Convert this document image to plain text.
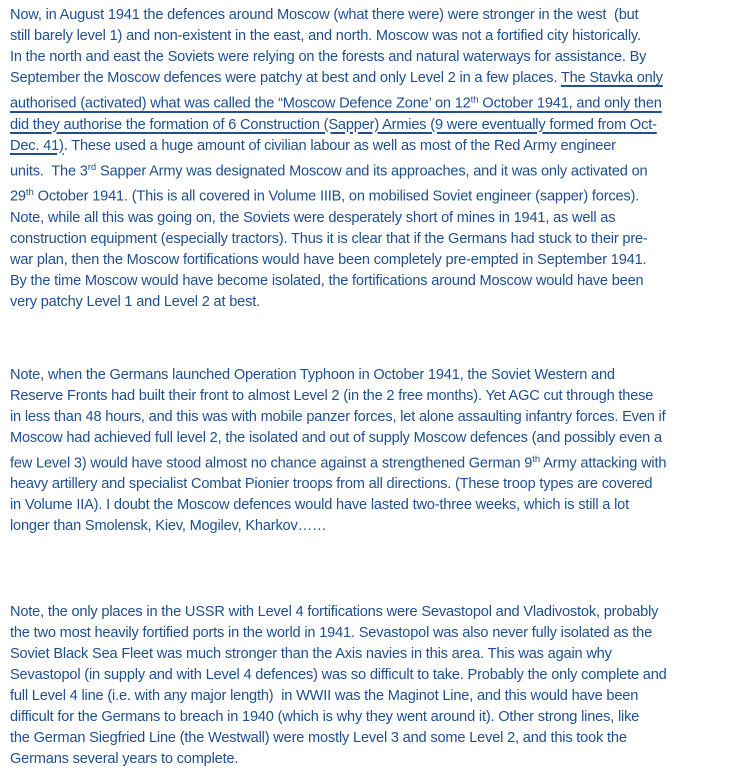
Now, in August 1941 the defences around Moscow (what there were) were stronger in the west  (but
still barely level 1) and non-existent in the east, and north. Moscow was not a fortified city historically.
In the north and east the Soviets were relying on the forests and natural waterways for assistance. By
September the Moscow defences were patchy at best and only Level 2 in a few places. The Stavka only
authorised (activated) what was called the “Moscow Defence Zone’ on 12th October 1941, and only then
did they authorise the formation of 6 Construction (Sapper) Armies (9 were eventually formed from Oct-
Dec. 41). These used a huge amount of civilian labour as well as most of the Red Army engineer
units.  The 3rd Sapper Army was designated Moscow and its approaches, and it was only activated on
29th October 1941. (This is all covered in Volume IIIB, on mobilised Soviet engineer (sapper) forces).
Note, while all this was going on, the Soviets were desperately short of mines in 1941, as well as
construction equipment (especially tractors). Thus it is clear that if the Germans had stuck to their pre-
war plan, then the Moscow fortifications would have been completely pre-empted in September 1941.
By the time Moscow would have become isolated, the fortifications around Moscow would have been
very patchy Level 1 and Level 2 at best.
Note, when the Germans launched Operation Typhoon in October 1941, the Soviet Western and
Reserve Fronts had built their front to almost Level 2 (in the 2 free months). Yet AGC cut through these
in less than 48 hours, and this was with mobile panzer forces, let alone assaulting infantry forces. Even if
Moscow had achieved full level 2, the isolated and out of supply Moscow defences (and possibly even a
few Level 3) would have stood almost no chance against a strengthened German 9th Army attacking with
heavy artillery and specialist Combat Pionier troops from all directions. (These troop types are covered
in Volume IIA). I doubt the Moscow defences would have lasted two-three weeks, which is still a lot
longer than Smolensk, Kiev, Mogilev, Kharkov……
Note, the only places in the USSR with Level 4 fortifications were Sevastopol and Vladivostok, probably
the two most heavily fortified ports in the world in 1941. Sevastopol was also never fully isolated as the
Soviet Black Sea Fleet was much stronger than the Axis navies in this area. This was again why
Sevastopol (in supply and with Level 4 defences) was so difficult to take. Probably the only complete and
full Level 4 line (i.e. with any major length)  in WWII was the Maginot Line, and this would have been
difficult for the Germans to breach in 1940 (which is why they went around it). Other strong lines, like
the German Siegfried Line (the Westwall) were mostly Level 3 and some Level 2, and this took the
Germans several years to complete.
